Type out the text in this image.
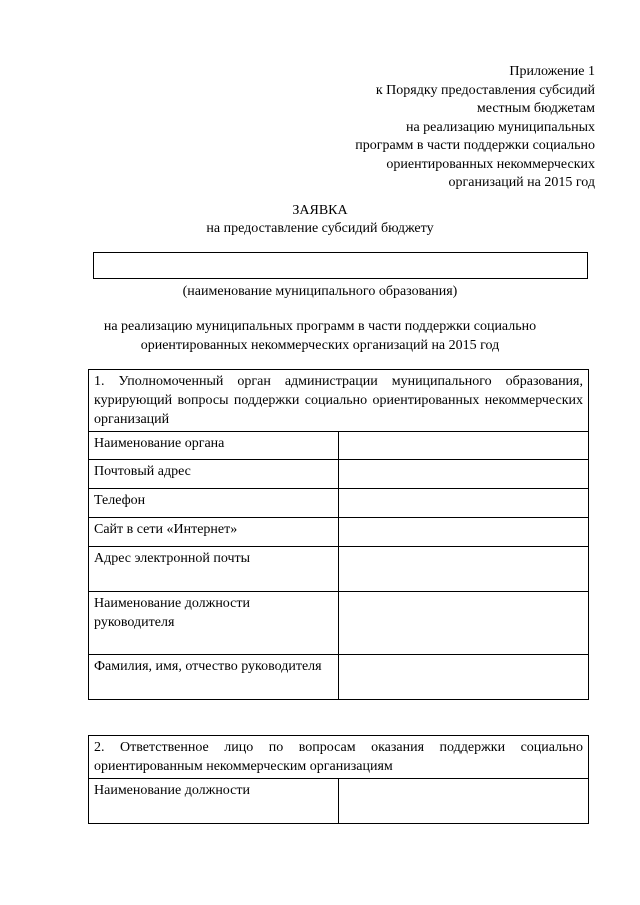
Приложение 1
к Порядку предоставления субсидий
местным бюджетам
на реализацию муниципальных
программ в части поддержки социально
ориентированных некоммерческих
организаций на 2015 год
ЗАЯВКА
на предоставление субсидий бюджету
(наименование муниципального образования)
на реализацию муниципальных программ в части поддержки социально
ориентированных некоммерческих организаций на 2015 год
1. Уполномоченный орган администрации муниципального образования, курирующий вопросы поддержки социально ориентированных некоммерческих организаций	
Наименование органа	
Почтовый адрес	
Телефон	
Сайт в сети «Интернет»	
Адрес электронной почты	
Наименование должности руководителя	
Фамилия, имя, отчество руководителя	
2. Ответственное лицо по вопросам оказания поддержки социально ориентированным некоммерческим организациям
Наименование должности	
